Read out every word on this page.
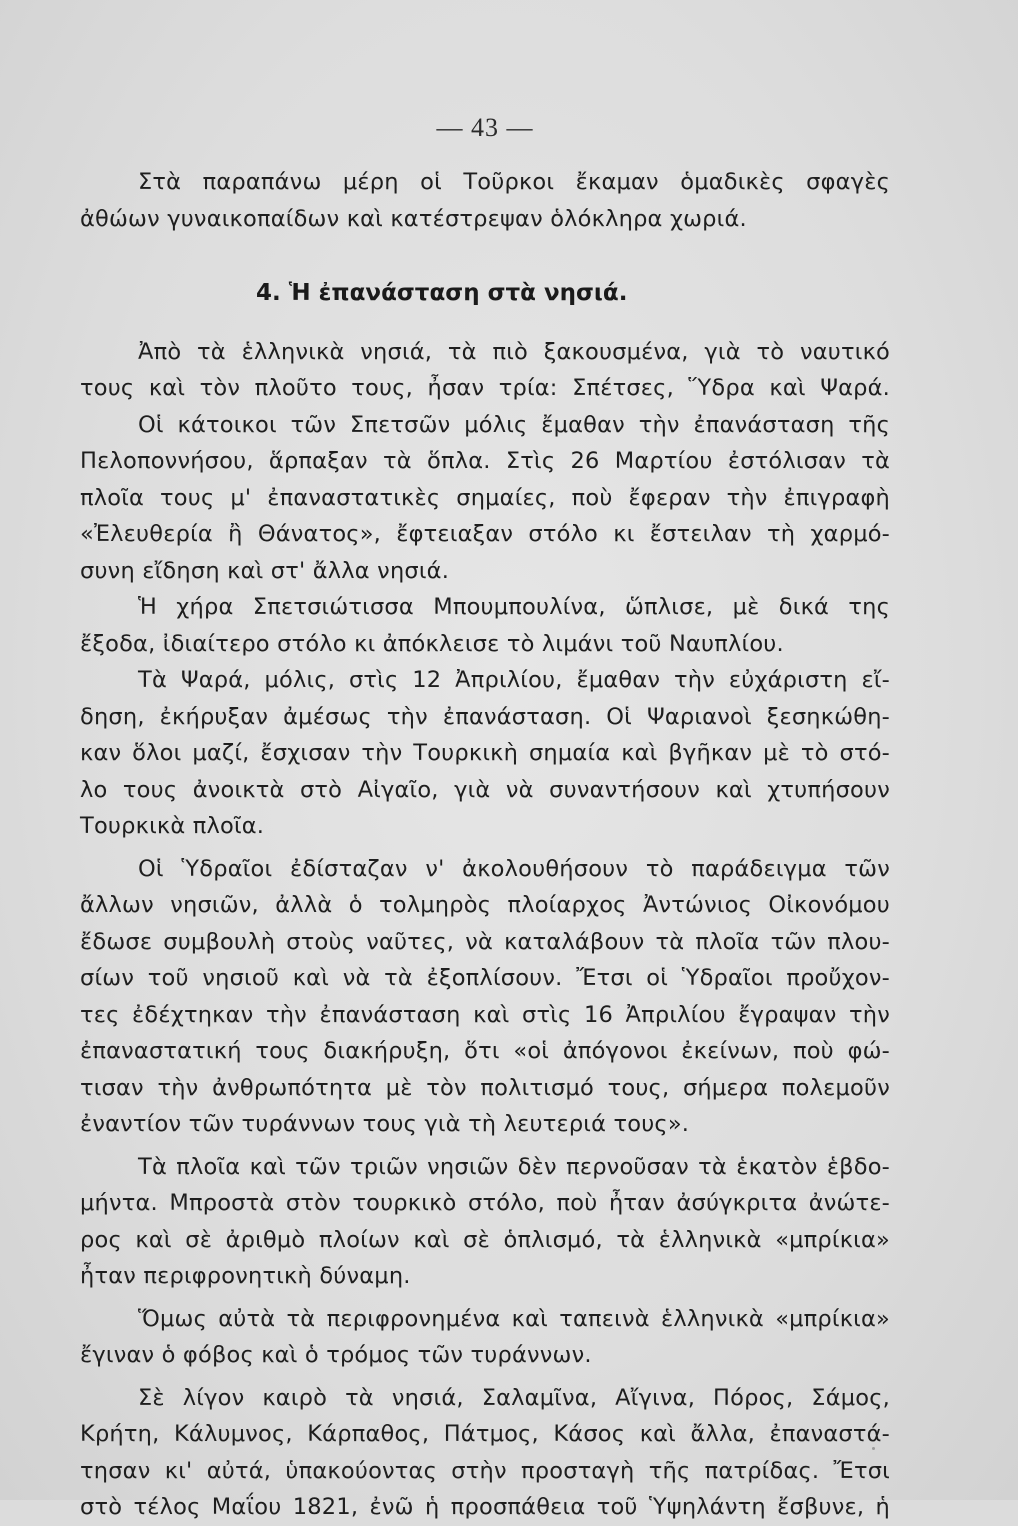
— 43 —
Στὰ παραπάνω μέρη οἱ Τοῦρκοι ἔκαμαν ὁμαδικὲς σφαγὲς
ἀθώων γυναικοπαίδων καὶ κατέστρεψαν ὁλόκληρα χωριά.
4. Ἡ ἐπανάσταση στὰ νησιά.
Ἀπὸ τὰ ἑλληνικὰ νησιά, τὰ πιὸ ξακουσμένα, γιὰ τὸ ναυτικό
τους καὶ τὸν πλοῦτο τους, ἦσαν τρία: Σπέτσες, Ὕδρα καὶ Ψαρά.
Οἱ κάτοικοι τῶν Σπετσῶν μόλις ἔμαθαν τὴν ἐπανάσταση τῆς
Πελοποννήσου, ἅρπαξαν τὰ ὅπλα. Στὶς 26 Μαρτίου ἐστόλισαν τὰ
πλοῖα τους μ' ἐπαναστατικὲς σημαίες, ποὺ ἔφεραν τὴν ἐπιγραφὴ
«Ἐλευθερία ἢ Θάνατος», ἔφτειαξαν στόλο κι ἔστειλαν τὴ χαρμό-
συνη εἴδηση καὶ στ' ἄλλα νησιά.
Ἡ χήρα Σπετσιώτισσα Μπουμπουλίνα, ὥπλισε, μὲ δικά της
ἔξοδα, ἰδιαίτερο στόλο κι ἀπόκλεισε τὸ λιμάνι τοῦ Ναυπλίου.
Τὰ Ψαρά, μόλις, στὶς 12 Ἀπριλίου, ἔμαθαν τὴν εὐχάριστη εἴ-
δηση, ἐκήρυξαν ἀμέσως τὴν ἐπανάσταση. Οἱ Ψαριανοὶ ξεσηκώθη-
καν ὅλοι μαζί, ἔσχισαν τὴν Τουρκικὴ σημαία καὶ βγῆκαν μὲ τὸ στό-
λο τους ἀνοικτὰ στὸ Αἰγαῖο, γιὰ νὰ συναντήσουν καὶ χτυπήσουν
Τουρκικὰ πλοῖα.
Οἱ Ὑδραῖοι ἐδίσταζαν ν' ἀκολουθήσουν τὸ παράδειγμα τῶν
ἄλλων νησιῶν, ἀλλὰ ὁ τολμηρὸς πλοίαρχος Ἀντώνιος Οἰκονόμου
ἔδωσε συμβουλὴ στοὺς ναῦτες, νὰ καταλάβουν τὰ πλοῖα τῶν πλου-
σίων τοῦ νησιοῦ καὶ νὰ τὰ ἐξοπλίσουν. Ἔτσι οἱ Ὑδραῖοι προὔχον-
τες ἐδέχτηκαν τὴν ἐπανάσταση καὶ στὶς 16 Ἀπριλίου ἔγραψαν τὴν
ἐπαναστατική τους διακήρυξη, ὅτι «οἱ ἀπόγονοι ἐκείνων, ποὺ φώ-
τισαν τὴν ἀνθρωπότητα μὲ τὸν πολιτισμό τους, σήμερα πολεμοῦν
ἐναντίον τῶν τυράννων τους γιὰ τὴ λευτεριά τους».
Τὰ πλοῖα καὶ τῶν τριῶν νησιῶν δὲν περνοῦσαν τὰ ἑκατὸν ἑβδο-
μήντα. Μπροστὰ στὸν τουρκικὸ στόλο, ποὺ ἦταν ἀσύγκριτα ἀνώτε-
ρος καὶ σὲ ἀριθμὸ πλοίων καὶ σὲ ὁπλισμό, τὰ ἑλληνικὰ «μπρίκια»
ἦταν περιφρονητικὴ δύναμη.
Ὅμως αὐτὰ τὰ περιφρονημένα καὶ ταπεινὰ ἑλληνικὰ «μπρίκια»
ἔγιναν ὁ φόβος καὶ ὁ τρόμος τῶν τυράννων.
Σὲ λίγον καιρὸ τὰ νησιά, Σαλαμῖνα, Αἴγινα, Πόρος, Σάμος,
Κρήτη, Κάλυμνος, Κάρπαθος, Πάτμος, Κάσος καὶ ἄλλα, ἐπαναστά-
τησαν κι' αὐτά, ὑπακούοντας στὴν προσταγὴ τῆς πατρίδας. Ἔτσι
στὸ τέλος Μαΐου 1821, ἐνῶ ἡ προσπάθεια τοῦ Ὑψηλάντη ἔσβυνε, ἡ
